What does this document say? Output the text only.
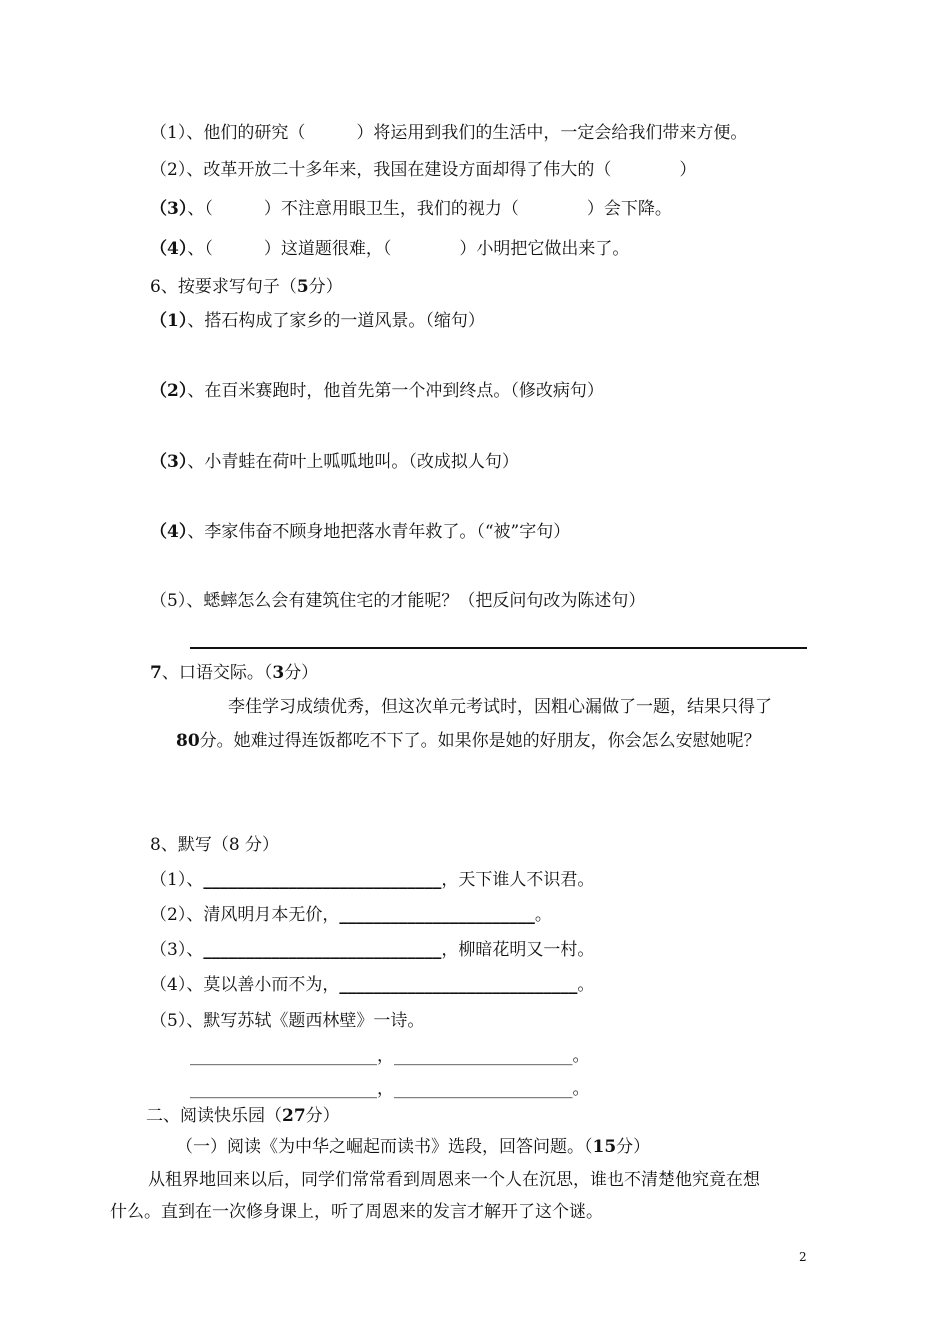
（1）、他们的研究（　　　）将运用到我们的生活中，一定会给我们带来方便。
（2）、改革开放二十多年来，我国在建设方面却得了伟大的（　　　　）
（3）、（　　　）不注意用眼卫生，我们的视力（　　　　）会下降。
（4）、（　　　）这道题很难，（　　　　）小明把它做出来了。
6、按要求写句子（5分）
（1）、搭石构成了家乡的一道风景。（缩句）
（2）、在百米赛跑时，他首先第一个冲到终点。（修改病句）
（3）、小青蛙在荷叶上呱呱地叫。（改成拟人句）
（4）、李家伟奋不顾身地把落水青年救了。（“被”字句）
（5）、蟋蟀怎么会有建筑住宅的才能呢？（把反问句改为陈述句）
7、口语交际。（3分）
李佳学习成绩优秀，但这次单元考试时，因粗心漏做了一题，结果只得了
80分。她难过得连饭都吃不下了。如果你是她的好朋友，你会怎么安慰她呢？
8、默写（8 分）
（1）、____________________________，天下谁人不识君。
（2）、清风明月本无价，_______________________。
（3）、____________________________，柳暗花明又一村。
（4）、莫以善小而不为，____________________________。
（5）、默写苏轼《题西林壁》一诗。
______________________，_____________________。
______________________，_____________________。
二、阅读快乐园（27分）
（一）阅读《为中华之崛起而读书》选段，回答问题。（15分）
从租界地回来以后，同学们常常看到周恩来一个人在沉思，谁也不清楚他究竟在想
什么。直到在一次修身课上，听了周恩来的发言才解开了这个谜。
2
